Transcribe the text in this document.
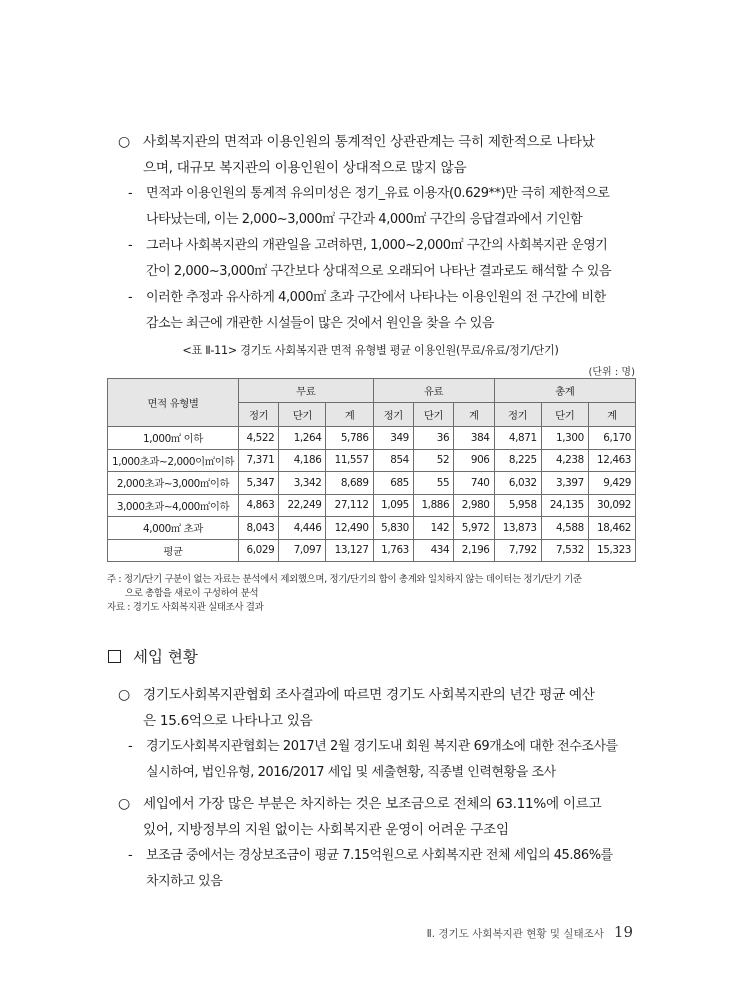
○ 사회복지관의 면적과 이용인원의 통계적인 상관관계는 극히 제한적으로 나타났
으며, 대규모 복지관의 이용인원이 상대적으로 많지 않음
- 면적과 이용인원의 통계적 유의미성은 정기_유료 이용자(0.629**)만 극히 제한적으로
나타났는데, 이는 2,000~3,000㎡ 구간과 4,000㎡ 구간의 응답결과에서 기인함
- 그러나 사회복지관의 개관일을 고려하면, 1,000~2,000㎡ 구간의 사회복지관 운영기
간이 2,000~3,000㎡ 구간보다 상대적으로 오래되어 나타난 결과로도 해석할 수 있음
- 이러한 추정과 유사하게 4,000㎡ 초과 구간에서 나타나는 이용인원의 전 구간에 비한
감소는 최근에 개관한 시설들이 많은 것에서 원인을 찾을 수 있음
<표 Ⅱ-11> 경기도 사회복지관 면적 유형별 평균 이용인원(무료/유료/정기/단기)
(단위 : 명)
면적 유형별	무료			유료			총계		
	정기	단기	계	정기	단기	계	정기	단기	계
1,000㎡ 이하	4,522	1,264	5,786	349	36	384	4,871	1,300	6,170
1,000초과~2,000이㎡이하	7,371	4,186	11,557	854	52	906	8,225	4,238	12,463
2,000초과~3,000㎡이하	5,347	3,342	8,689	685	55	740	6,032	3,397	9,429
3,000초과~4,000㎡이하	4,863	22,249	27,112	1,095	1,886	2,980	5,958	24,135	30,092
4,000㎡ 초과	8,043	4,446	12,490	5,830	142	5,972	13,873	4,588	18,462
평균	6,029	7,097	13,127	1,763	434	2,196	7,792	7,532	15,323
주 : 정기/단기 구분이 없는 자료는 분석에서 제외했으며, 정기/단기의 합이 총계와 일치하지 않는 데이터는 정기/단기 기준
으로 총합을 새로이 구성하여 분석
자료 : 경기도 사회복지관 실태조사 결과
세입 현황
○ 경기도사회복지관협회 조사결과에 따르면 경기도 사회복지관의 년간 평균 예산
은 15.6억으로 나타나고 있음
- 경기도사회복지관협회는 2017년 2월 경기도내 회원 복지관 69개소에 대한 전수조사를
실시하여, 법인유형, 2016/2017 세입 및 세출현황, 직종별 인력현황을 조사
○ 세입에서 가장 많은 부분은 차지하는 것은 보조금으로 전체의 63.11%에 이르고
있어, 지방정부의 지원 없이는 사회복지관 운영이 어려운 구조임
- 보조금 중에서는 경상보조금이 평균 7.15억원으로 사회복지관 전체 세입의 45.86%를
차지하고 있음
Ⅱ. 경기도 사회복지관 현황 및 실태조사 19
